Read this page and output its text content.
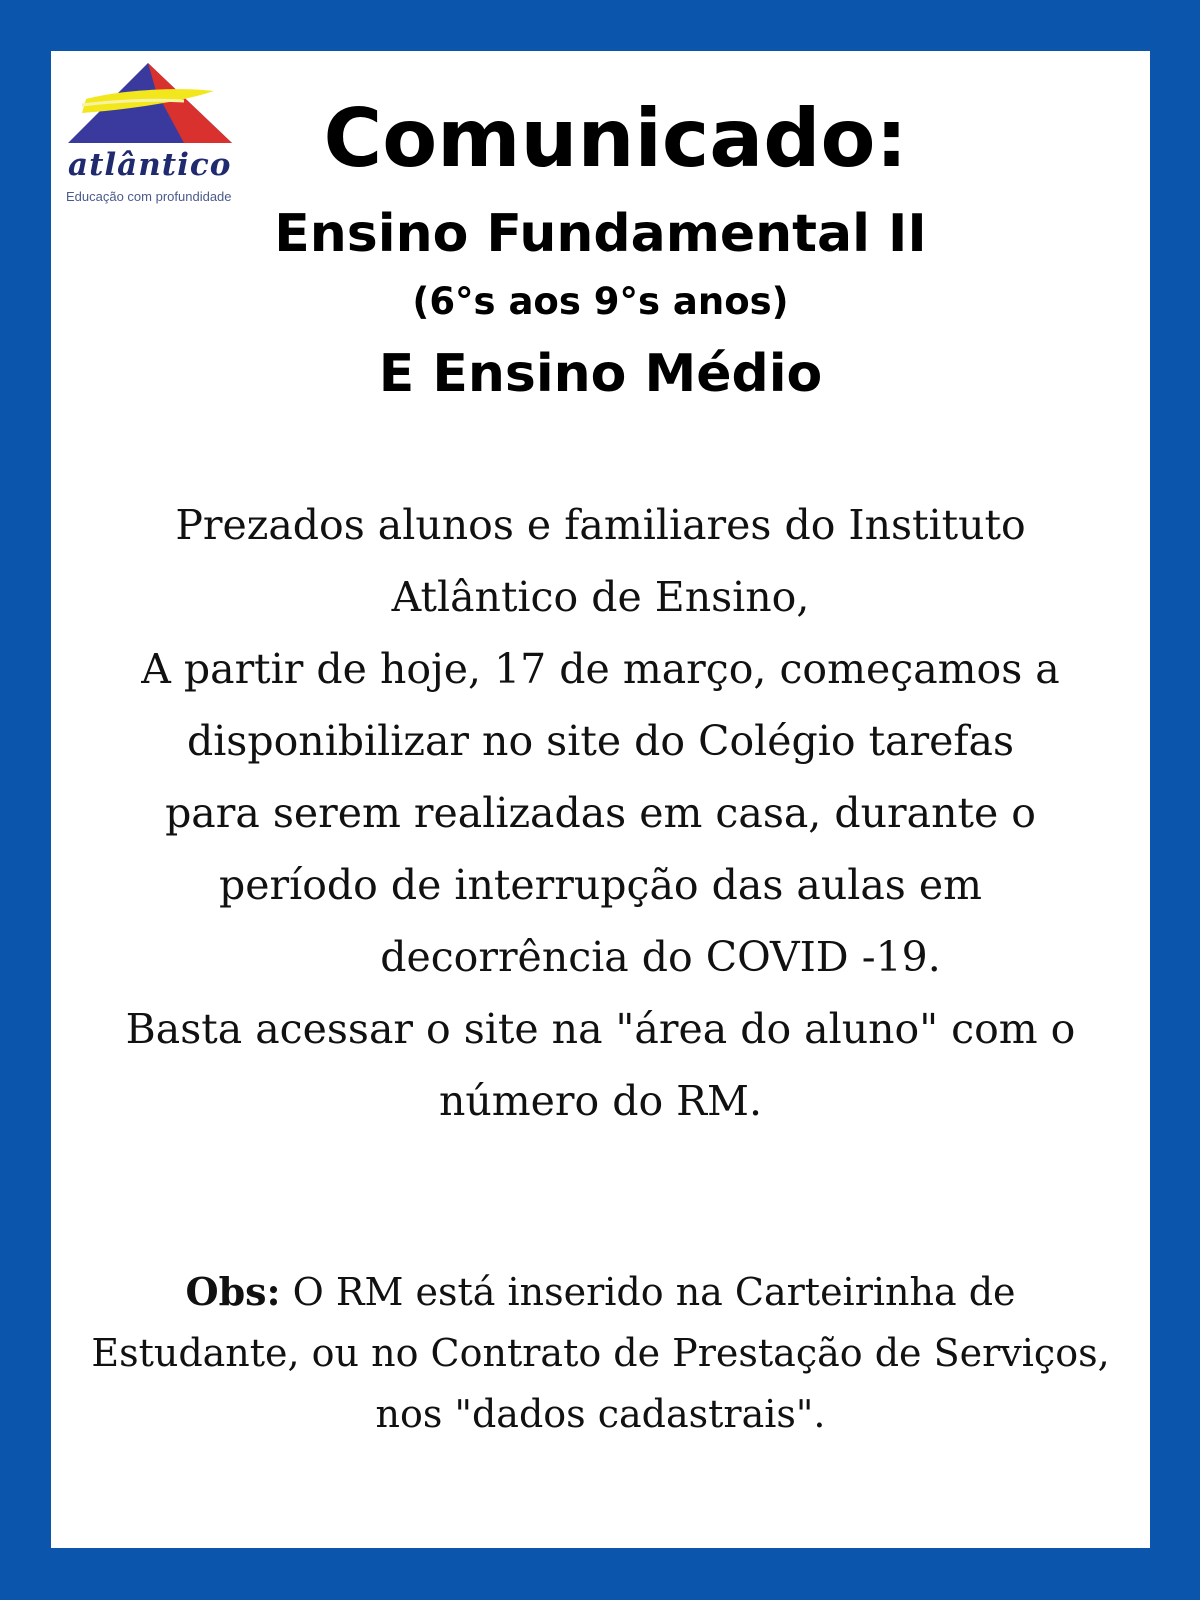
atlântico
Educação com profundidade
Comunicado:
Ensino Fundamental II
(6°s aos 9°s anos)
E Ensino Médio
Prezados alunos e familiares do Instituto
Atlântico de Ensino,
A partir de hoje, 17 de março, começamos a
disponibilizar no site do Colégio tarefas
para serem realizadas em casa, durante o
período de interrupção das aulas em
decorrência do COVID -19.
Basta acessar o site na "área do aluno" com o
número do RM.
Obs: O RM está inserido na Carteirinha de
Estudante, ou no Contrato de Prestação de Serviços,
nos "dados cadastrais".
